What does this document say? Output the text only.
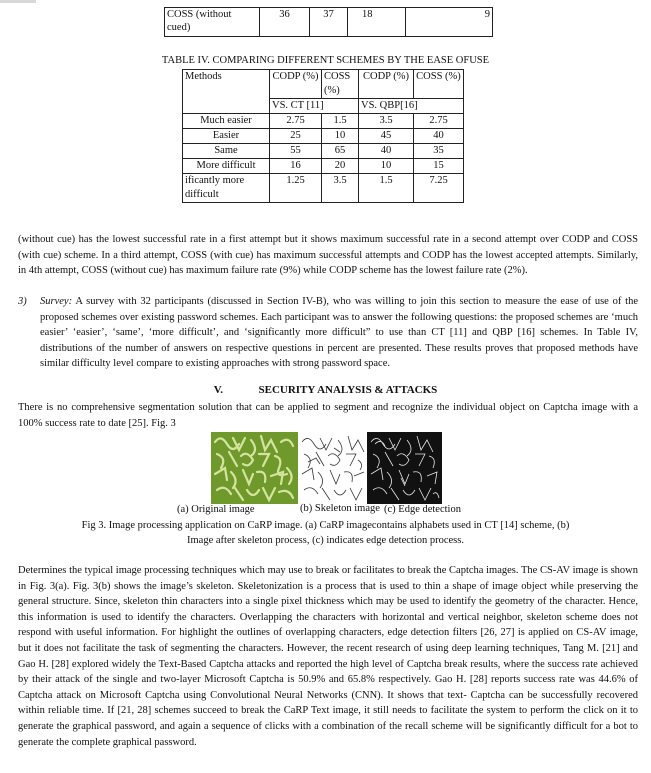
COSS (without cued)	36	37	18	9
TABLE IV. COMPARING DIFFERENT SCHEMES BY THE EASE OFUSE
Methods	CODP (%)	COSS (%)	CODP (%)	COSS (%)
	VS. CT [11]		VS. QBP[16]	
Much easier	2.75	1.5	3.5	2.75
Easier	25	10	45	40
Same	55	65	40	35
More difficult	16	20	10	15
ificantly more difficult	1.25	3.5	1.5	7.25
(without cue) has the lowest successful rate in a first attempt but it shows maximum successful rate in a second attempt over CODP and COSS (with cue) scheme. In a third attempt, COSS (with cue) has maximum successful attempts and CODP has the lowest accepted attempts. Similarly, in 4th attempt, COSS (without cue) has maximum failure rate (9%) while CODP scheme has the lowest failure rate (2%).
3) Survey: A survey with 32 participants (discussed in Section IV-B), who was willing to join this section to measure the ease of use of the proposed schemes over existing password schemes. Each participant was to answer the following questions: the proposed schemes are ‘much easier’ ‘easier’, ‘same’, ‘more difficult’, and ‘significantly more difficult” to use than CT [11] and QBP [16] schemes. In Table IV, distributions of the number of answers on respective questions in percent are presented. These results proves that proposed methods have similar difficulty level compare to existing approaches with strong password space.
V.	SECURITY ANALYSIS & ATTACKS
There is no comprehensive segmentation solution that can be applied to segment and recognize the individual object on Captcha image with a 100% success rate to date [25]. Fig. 3
(a) Original image	(b) Skeleton image (c) Edge detection
Fig 3. Image processing application on CaRP image. (a) CaRP imagecontains alphabets used in CT [14] scheme, (b) Image after skeleton process, (c) indicates edge detection process.
Determines the typical image processing techniques which may use to break or facilitates to break the Captcha images. The CS-AV image is shown in Fig. 3(a). Fig. 3(b) shows the image’s skeleton. Skeletonization is a process that is used to thin a shape of image object while preserving the general structure. Since, skeleton thin characters into a single pixel thickness which may be used to identify the geometry of the character. Hence, this information is used to identify the characters. Overlapping the characters with horizontal and vertical neighbor, skeleton scheme does not respond with useful information. For highlight the outlines of overlapping characters, edge detection filters [26, 27] is applied on CS-AV image, but it does not facilitate the task of segmenting the characters. However, the recent research of using deep learning techniques, Tang M. [21] and Gao H. [28] explored widely the Text-Based Captcha attacks and reported the high level of Captcha break results, where the success rate achieved by their attack of the single and two-layer Microsoft Captcha is 50.9% and 65.8% respectively. Gao H. [28] reports success rate was 44.6% of Captcha attack on Microsoft Captcha using Convolutional Neural Networks (CNN). It shows that text- Captcha can be successfully recovered within reliable time. If [21, 28] schemes succeed to break the CaRP Text image, it still needs to facilitate the system to perform the click on it to generate the graphical password, and again a sequence of clicks with a combination of the recall scheme will be significantly difficult for a bot to generate the complete graphical password.
